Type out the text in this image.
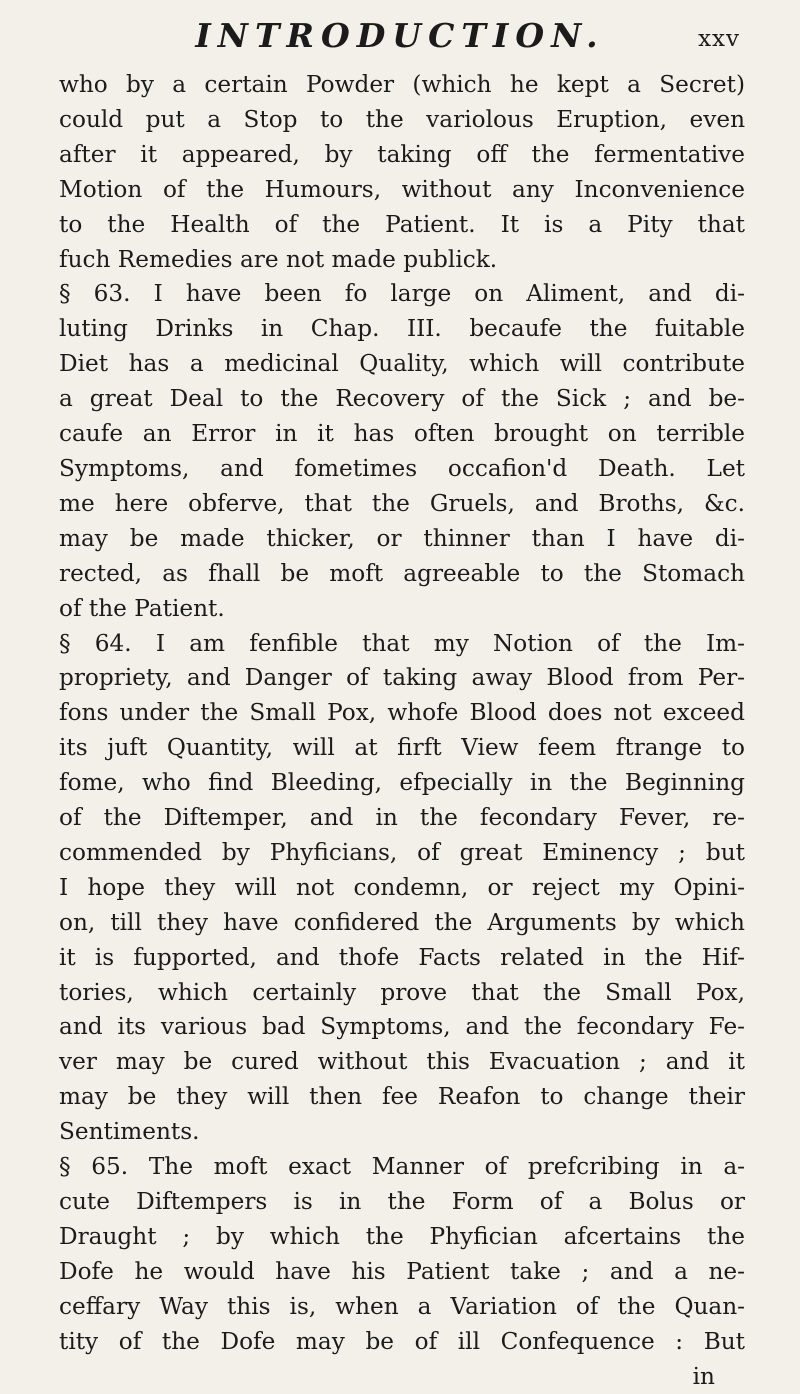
INTRODUCTION.	xxv
who by a certain Powder (which he kept a Secret)
could put a Stop to the variolous Eruption, even
after it appeared, by taking off the fermentative
Motion of the Humours, without any Inconvenience
to the Health of the Patient. It is a Pity that
fuch Remedies are not made publick.
§ 63. I have been fo large on Aliment, and di-
luting Drinks in Chap. III. becaufe the fuitable
Diet has a medicinal Quality, which will contribute
a great Deal to the Recovery of the Sick ; and be-
caufe an Error in it has often brought on terrible
Symptoms, and fometimes occafion'd Death. Let
me here obferve, that the Gruels, and Broths, &c.
may be made thicker, or thinner than I have di-
rected, as fhall be moft agreeable to the Stomach
of the Patient.
§ 64. I am fenfible that my Notion of the Im-
propriety, and Danger of taking away Blood from Per-
fons under the Small Pox, whofe Blood does not exceed
its juft Quantity, will at firft View feem ftrange to
fome, who find Bleeding, efpecially in the Beginning
of the Diftemper, and in the fecondary Fever, re-
commended by Phyficians, of great Eminency ; but
I hope they will not condemn, or reject my Opini-
on, till they have confidered the Arguments by which
it is fupported, and thofe Facts related in the Hif-
tories, which certainly prove that the Small Pox,
and its various bad Symptoms, and the fecondary Fe-
ver may be cured without this Evacuation ; and it
may be they will then fee Reafon to change their
Sentiments.
§ 65. The moft exact Manner of prefcribing in a-
cute Diftempers is in the Form of a Bolus or
Draught ; by which the Phyfician afcertains the
Dofe he would have his Patient take ; and a ne-
ceffary Way this is, when a Variation of the Quan-
tity of the Dofe may be of ill Confequence : But
in
